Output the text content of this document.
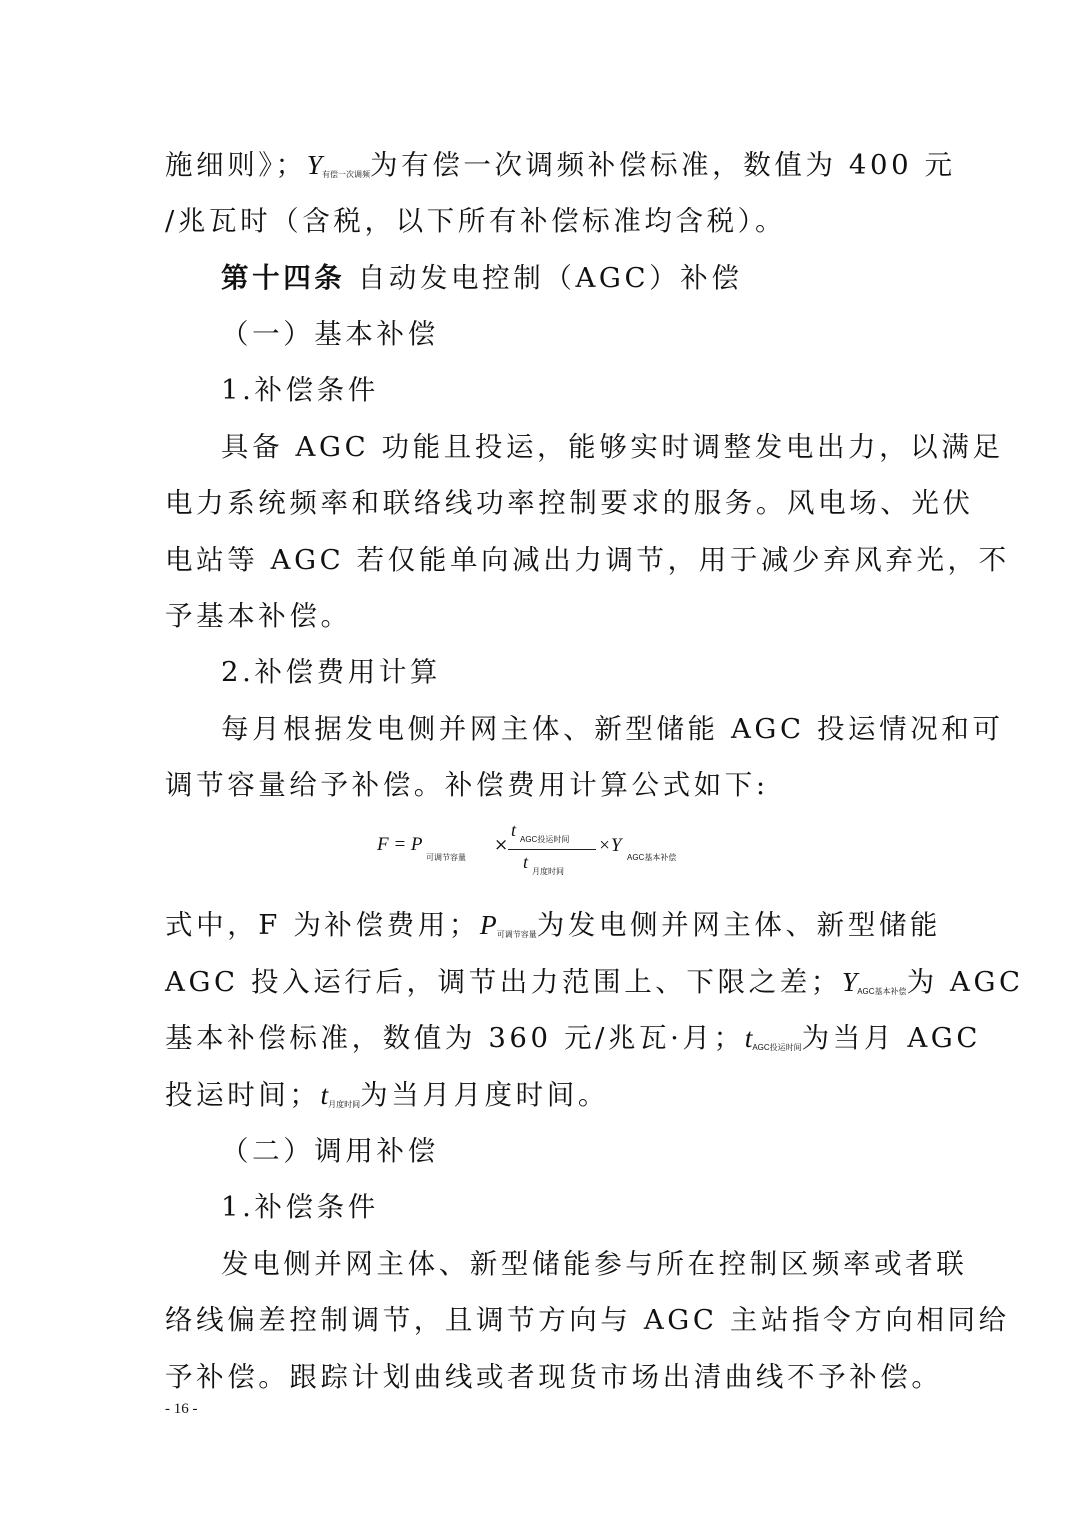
施细则》；$Y_{有偿一次调频}$为有偿一次调频补偿标准，数值为 400 元
/兆瓦时（含税，以下所有补偿标准均含税）。
第十四条 自动发电控制（AGC）补偿
（一）基本补偿
1.补偿条件
具备 AGC 功能且投运，能够实时调整发电出力，以满足
电力系统频率和联络线功率控制要求的服务。风电场、光伏
电站等 AGC 若仅能单向减出力调节，用于减少弃风弃光，不
予基本补偿。
2.补偿费用计算
每月根据发电侧并网主体、新型储能 AGC 投运情况和可
调节容量给予补偿。补偿费用计算公式如下:
F = P
可调节容量
×
t AGC投运时间
t 月度时间
×Y
AGC基本补偿
式中，F 为补偿费用；$P_{可调节容量}$为发电侧并网主体、新型储能
AGC 投入运行后，调节出力范围上、下限之差；$Y_{AGC基本补偿}$为 AGC
基本补偿标准，数值为 360 元/兆瓦·月；$t_{AGC投运时间}$为当月 AGC
投运时间；$t_{月度时间}$为当月月度时间。
（二）调用补偿
1.补偿条件
发电侧并网主体、新型储能参与所在控制区频率或者联
络线偏差控制调节，且调节方向与 AGC 主站指令方向相同给
予补偿。跟踪计划曲线或者现货市场出清曲线不予补偿。
- 16 -
